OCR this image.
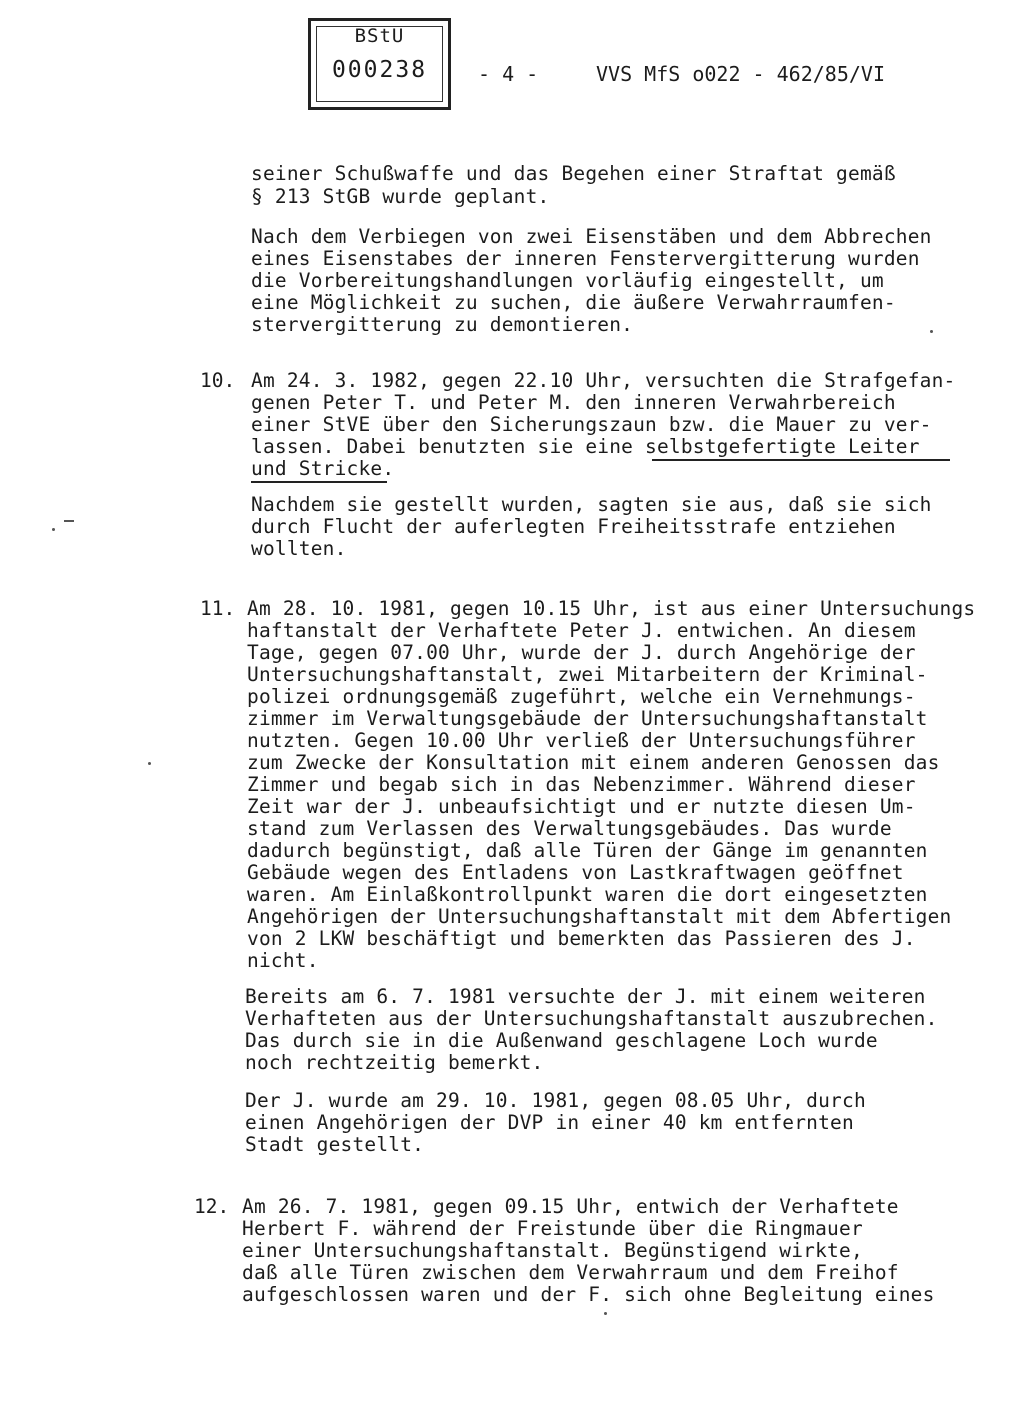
BStU
000238	- 4 -	VVS MfS o022 - 462/85/VI
seiner Schußwaffe und das Begehen einer Straftat gemäß
§ 213 StGB wurde geplant.
Nach dem Verbiegen von zwei Eisenstäben und dem Abbrechen
eines Eisenstabes der inneren Fenstervergitterung wurden
die Vorbereitungshandlungen vorläufig eingestellt, um
eine Möglichkeit zu suchen, die äußere Verwahrraumfen-
stervergitterung zu demontieren.
10. Am 24. 3. 1982, gegen 22.10 Uhr, versuchten die Strafgefan-
genen Peter T. und Peter M. den inneren Verwahrbereich
einer StVE über den Sicherungszaun bzw. die Mauer zu ver-
lassen. Dabei benutzten sie eine selbstgefertigte Leiter
und Stricke.
Nachdem sie gestellt wurden, sagten sie aus, daß sie sich
durch Flucht der auferlegten Freiheitsstrafe entziehen
wollten.
11. Am 28. 10. 1981, gegen 10.15 Uhr, ist aus einer Untersuchungs
haftanstalt der Verhaftete Peter J. entwichen. An diesem
Tage, gegen 07.00 Uhr, wurde der J. durch Angehörige der
Untersuchungshaftanstalt, zwei Mitarbeitern der Kriminal-
polizei ordnungsgemäß zugeführt, welche ein Vernehmungs-
zimmer im Verwaltungsgebäude der Untersuchungshaftanstalt
nutzten. Gegen 10.00 Uhr verließ der Untersuchungsführer
zum Zwecke der Konsultation mit einem anderen Genossen das
Zimmer und begab sich in das Nebenzimmer. Während dieser
Zeit war der J. unbeaufsichtigt und er nutzte diesen Um-
stand zum Verlassen des Verwaltungsgebäudes. Das wurde
dadurch begünstigt, daß alle Türen der Gänge im genannten
Gebäude wegen des Entladens von Lastkraftwagen geöffnet
waren. Am Einlaßkontrollpunkt waren die dort eingesetzten
Angehörigen der Untersuchungshaftanstalt mit dem Abfertigen
von 2 LKW beschäftigt und bemerkten das Passieren des J.
nicht.
Bereits am 6. 7. 1981 versuchte der J. mit einem weiteren
Verhafteten aus der Untersuchungshaftanstalt auszubrechen.
Das durch sie in die Außenwand geschlagene Loch wurde
noch rechtzeitig bemerkt.
Der J. wurde am 29. 10. 1981, gegen 08.05 Uhr, durch
einen Angehörigen der DVP in einer 40 km entfernten
Stadt gestellt.
12. Am 26. 7. 1981, gegen 09.15 Uhr, entwich der Verhaftete
Herbert F. während der Freistunde über die Ringmauer
einer Untersuchungshaftanstalt. Begünstigend wirkte,
daß alle Türen zwischen dem Verwahrraum und dem Freihof
aufgeschlossen waren und der F. sich ohne Begleitung eines
